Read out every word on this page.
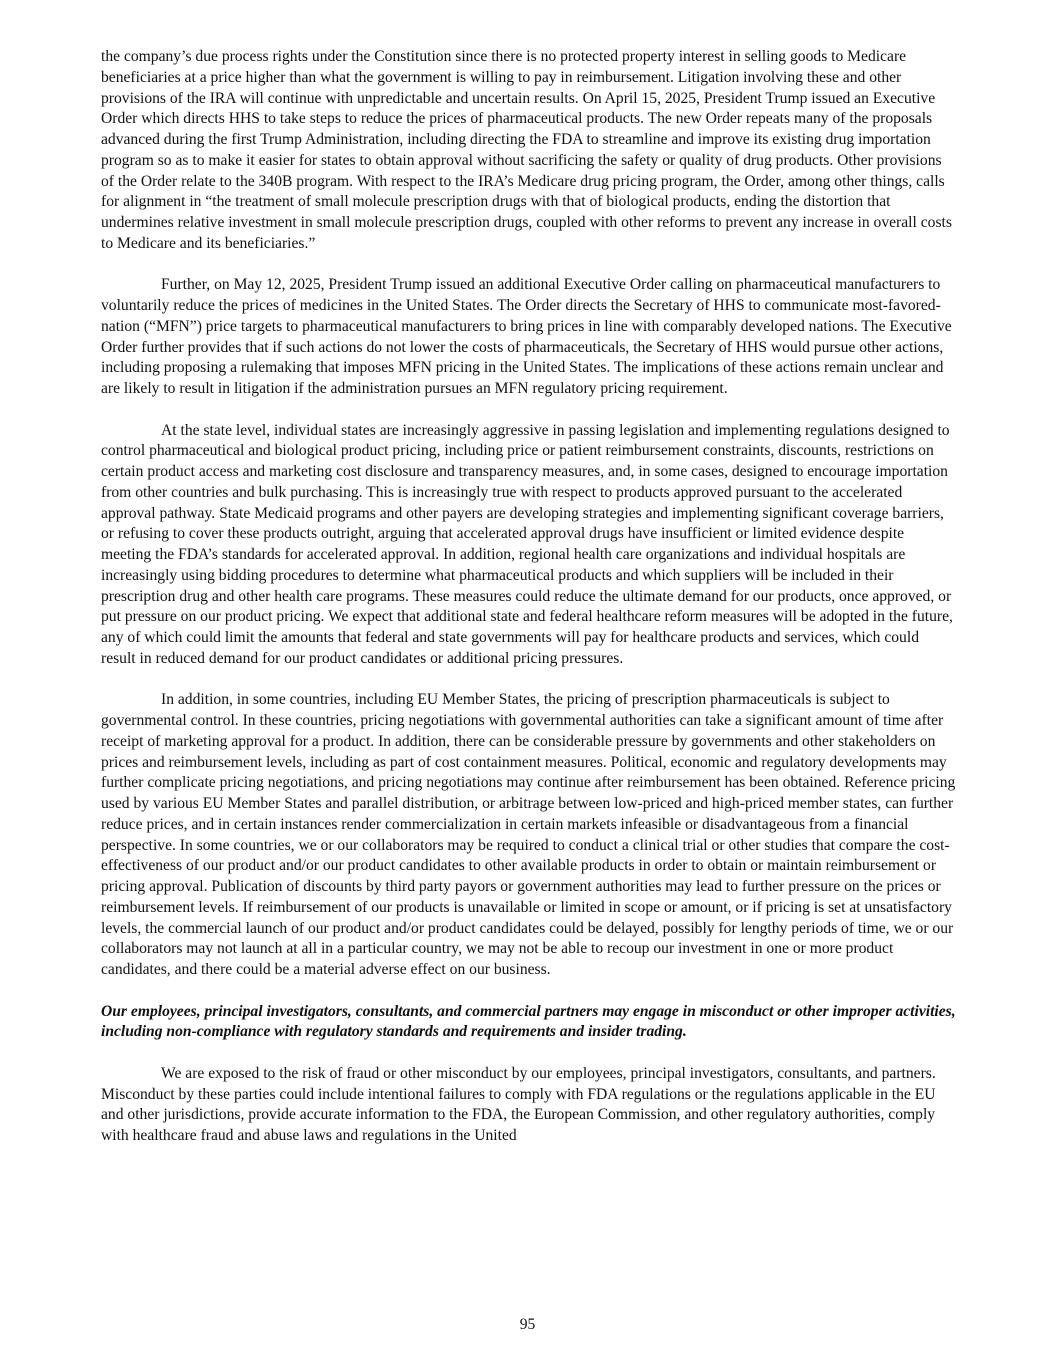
the company’s due process rights under the Constitution since there is no protected property interest in selling goods to Medicare beneficiaries at a price higher than what the government is willing to pay in reimbursement. Litigation involving these and other provisions of the IRA will continue with unpredictable and uncertain results. On April 15, 2025, President Trump issued an Executive Order which directs HHS to take steps to reduce the prices of pharmaceutical products. The new Order repeats many of the proposals advanced during the first Trump Administration, including directing the FDA to streamline and improve its existing drug importation program so as to make it easier for states to obtain approval without sacrificing the safety or quality of drug products. Other provisions of the Order relate to the 340B program. With respect to the IRA’s Medicare drug pricing program, the Order, among other things, calls for alignment in “the treatment of small molecule prescription drugs with that of biological products, ending the distortion that undermines relative investment in small molecule prescription drugs, coupled with other reforms to prevent any increase in overall costs to Medicare and its beneficiaries.”

Further, on May 12, 2025, President Trump issued an additional Executive Order calling on pharmaceutical manufacturers to voluntarily reduce the prices of medicines in the United States. The Order directs the Secretary of HHS to communicate most-favored-nation (“MFN”) price targets to pharmaceutical manufacturers to bring prices in line with comparably developed nations. The Executive Order further provides that if such actions do not lower the costs of pharmaceuticals, the Secretary of HHS would pursue other actions, including proposing a rulemaking that imposes MFN pricing in the United States. The implications of these actions remain unclear and are likely to result in litigation if the administration pursues an MFN regulatory pricing requirement.

At the state level, individual states are increasingly aggressive in passing legislation and implementing regulations designed to control pharmaceutical and biological product pricing, including price or patient reimbursement constraints, discounts, restrictions on certain product access and marketing cost disclosure and transparency measures, and, in some cases, designed to encourage importation from other countries and bulk purchasing. This is increasingly true with respect to products approved pursuant to the accelerated approval pathway. State Medicaid programs and other payers are developing strategies and implementing significant coverage barriers, or refusing to cover these products outright, arguing that accelerated approval drugs have insufficient or limited evidence despite meeting the FDA’s standards for accelerated approval. In addition, regional health care organizations and individual hospitals are increasingly using bidding procedures to determine what pharmaceutical products and which suppliers will be included in their prescription drug and other health care programs. These measures could reduce the ultimate demand for our products, once approved, or put pressure on our product pricing. We expect that additional state and federal healthcare reform measures will be adopted in the future, any of which could limit the amounts that federal and state governments will pay for healthcare products and services, which could result in reduced demand for our product candidates or additional pricing pressures.

In addition, in some countries, including EU Member States, the pricing of prescription pharmaceuticals is subject to governmental control. In these countries, pricing negotiations with governmental authorities can take a significant amount of time after receipt of marketing approval for a product. In addition, there can be considerable pressure by governments and other stakeholders on prices and reimbursement levels, including as part of cost containment measures. Political, economic and regulatory developments may further complicate pricing negotiations, and pricing negotiations may continue after reimbursement has been obtained. Reference pricing used by various EU Member States and parallel distribution, or arbitrage between low-priced and high-priced member states, can further reduce prices, and in certain instances render commercialization in certain markets infeasible or disadvantageous from a financial perspective. In some countries, we or our collaborators may be required to conduct a clinical trial or other studies that compare the cost-effectiveness of our product and/or our product candidates to other available products in order to obtain or maintain reimbursement or pricing approval. Publication of discounts by third party payors or government authorities may lead to further pressure on the prices or reimbursement levels. If reimbursement of our products is unavailable or limited in scope or amount, or if pricing is set at unsatisfactory levels, the commercial launch of our product and/or product candidates could be delayed, possibly for lengthy periods of time, we or our collaborators may not launch at all in a particular country, we may not be able to recoup our investment in one or more product candidates, and there could be a material adverse effect on our business.

Our employees, principal investigators, consultants, and commercial partners may engage in misconduct or other improper activities, including non-compliance with regulatory standards and requirements and insider trading.

We are exposed to the risk of fraud or other misconduct by our employees, principal investigators, consultants, and partners. Misconduct by these parties could include intentional failures to comply with FDA regulations or the regulations applicable in the EU and other jurisdictions, provide accurate information to the FDA, the European Commission, and other regulatory authorities, comply with healthcare fraud and abuse laws and regulations in the United

95
